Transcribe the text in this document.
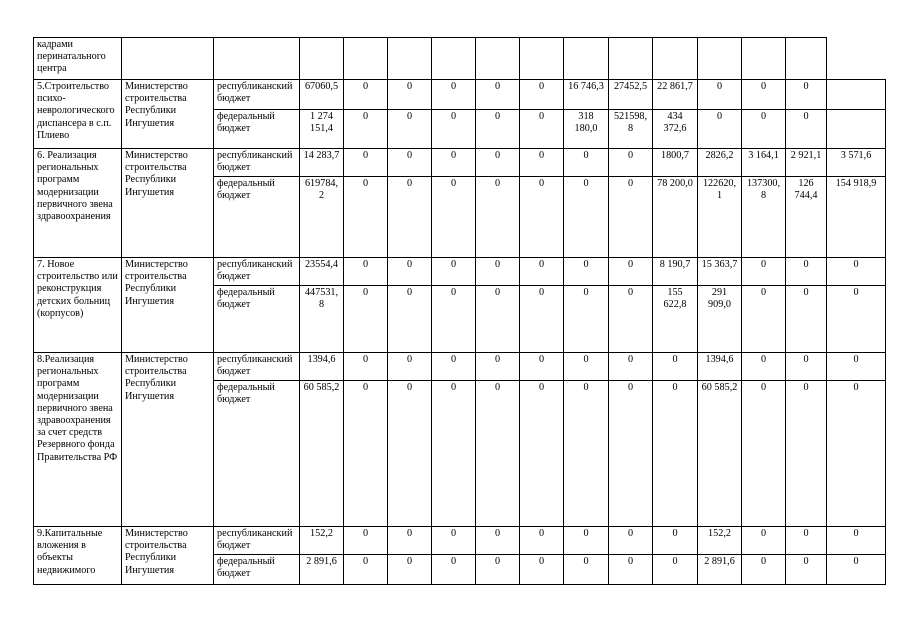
кадрами перинатального центра															
5.Строительство психо-неврологического диспансера в с.п. Плиево	Министерство строительства Республики Ингушетия	республиканский бюджет	67060,5	0	0	0	0	0	16 746,3	27452,5	22 861,7	0	0	0	
		федеральный бюджет	1 274 151,4	0	0	0	0	0	318 180,0	521598,8	434 372,6	0	0	0	
6. Реализация региональных программ модернизации первичного звена здравоохранения	Министерство строительства Республики Ингушетия	республиканский бюджет	14 283,7	0	0	0	0	0	0	0	1800,7	2826,2	3 164,1	2 921,1	3 571,6
		федеральный бюджет	619784,2	0	0	0	0	0	0	0	78 200,0	122620,1	137300,8	126 744,4	154 918,9
7. Новое строительство или реконструкция детских больниц (корпусов)	Министерство строительства Республики Ингушетия	республиканский бюджет	23554,4	0	0	0	0	0	0	0	8 190,7	15 363,7	0	0	0
		федеральный бюджет	447531,8	0	0	0	0	0	0	0	155 622,8	291 909,0	0	0	0
8.Реализация региональных программ модернизации первичного звена здравоохранения за счет средств Резервного фонда Правительства РФ	Министерство строительства Республики Ингушетия	республиканский бюджет	1394,6	0	0	0	0	0	0	0	0	1394,6	0	0	0
		федеральный бюджет	60 585,2	0	0	0	0	0	0	0	0	60 585,2	0	0	0
9.Капитальные вложения в объекты недвижимого	Министерство строительства Республики Ингушетия	республиканский бюджет	152,2	0	0	0	0	0	0	0	0	152,2	0	0	0
		федеральный бюджет	2 891,6	0	0	0	0	0	0	0	0	2 891,6	0	0	0
